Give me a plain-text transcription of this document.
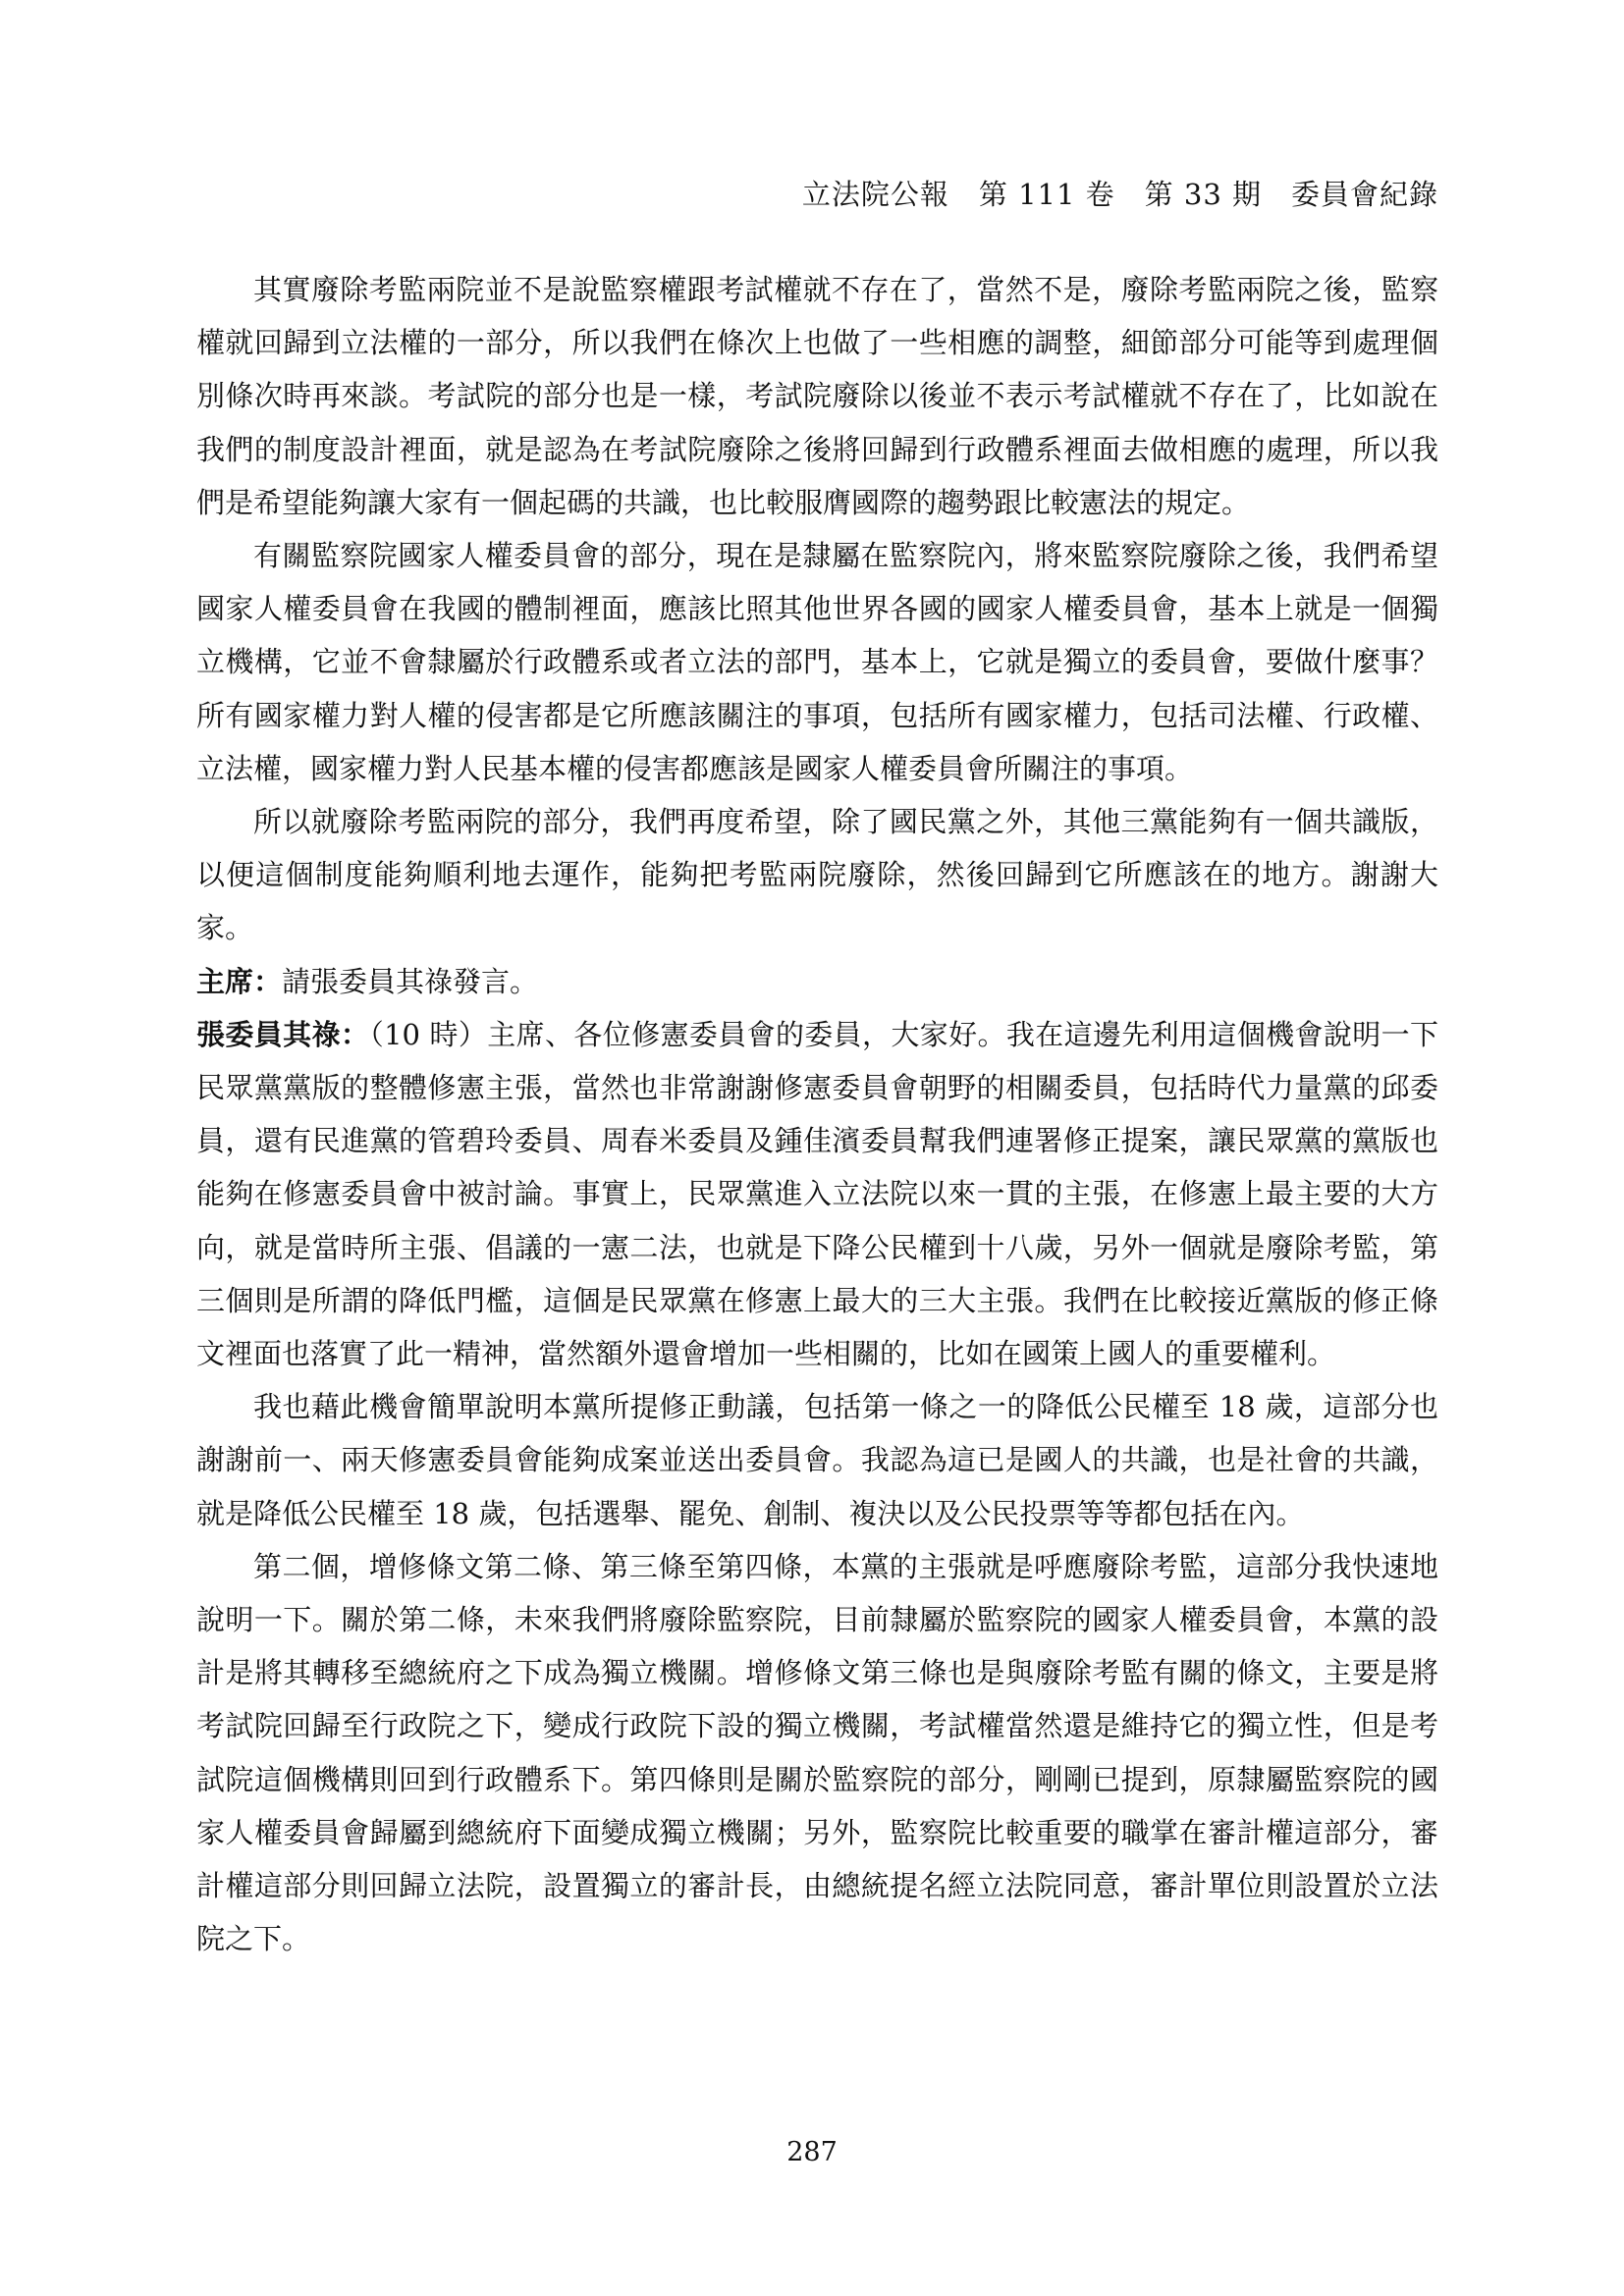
立法院公報　第 111 卷　第 33 期　委員會紀錄

其實廢除考監兩院並不是說監察權跟考試權就不存在了，當然不是，廢除考監兩院之後，監察權就回歸到立法權的一部分，所以我們在條次上也做了一些相應的調整，細節部分可能等到處理個別條次時再來談。考試院的部分也是一樣，考試院廢除以後並不表示考試權就不存在了，比如說在我們的制度設計裡面，就是認為在考試院廢除之後將回歸到行政體系裡面去做相應的處理，所以我們是希望能夠讓大家有一個起碼的共識，也比較服膺國際的趨勢跟比較憲法的規定。

有關監察院國家人權委員會的部分，現在是隸屬在監察院內，將來監察院廢除之後，我們希望國家人權委員會在我國的體制裡面，應該比照其他世界各國的國家人權委員會，基本上就是一個獨立機構，它並不會隸屬於行政體系或者立法的部門，基本上，它就是獨立的委員會，要做什麼事？所有國家權力對人權的侵害都是它所應該關注的事項，包括所有國家權力，包括司法權、行政權、立法權，國家權力對人民基本權的侵害都應該是國家人權委員會所關注的事項。

所以就廢除考監兩院的部分，我們再度希望，除了國民黨之外，其他三黨能夠有一個共識版，以便這個制度能夠順利地去運作，能夠把考監兩院廢除，然後回歸到它所應該在的地方。謝謝大家。

主席：請張委員其祿發言。

張委員其祿：（10 時）主席、各位修憲委員會的委員，大家好。我在這邊先利用這個機會說明一下民眾黨黨版的整體修憲主張，當然也非常謝謝修憲委員會朝野的相關委員，包括時代力量黨的邱委員，還有民進黨的管碧玲委員、周春米委員及鍾佳濱委員幫我們連署修正提案，讓民眾黨的黨版也能夠在修憲委員會中被討論。事實上，民眾黨進入立法院以來一貫的主張，在修憲上最主要的大方向，就是當時所主張、倡議的一憲二法，也就是下降公民權到十八歲，另外一個就是廢除考監，第三個則是所謂的降低門檻，這個是民眾黨在修憲上最大的三大主張。我們在比較接近黨版的修正條文裡面也落實了此一精神，當然額外還會增加一些相關的，比如在國策上國人的重要權利。

我也藉此機會簡單說明本黨所提修正動議，包括第一條之一的降低公民權至 18 歲，這部分也謝謝前一、兩天修憲委員會能夠成案並送出委員會。我認為這已是國人的共識，也是社會的共識，就是降低公民權至 18 歲，包括選舉、罷免、創制、複決以及公民投票等等都包括在內。

第二個，增修條文第二條、第三條至第四條，本黨的主張就是呼應廢除考監，這部分我快速地說明一下。關於第二條，未來我們將廢除監察院，目前隸屬於監察院的國家人權委員會，本黨的設計是將其轉移至總統府之下成為獨立機關。增修條文第三條也是與廢除考監有關的條文，主要是將考試院回歸至行政院之下，變成行政院下設的獨立機關，考試權當然還是維持它的獨立性，但是考試院這個機構則回到行政體系下。第四條則是關於監察院的部分，剛剛已提到，原隸屬監察院的國家人權委員會歸屬到總統府下面變成獨立機關；另外，監察院比較重要的職掌在審計權這部分，審計權這部分則回歸立法院，設置獨立的審計長，由總統提名經立法院同意，審計單位則設置於立法院之下。

287
